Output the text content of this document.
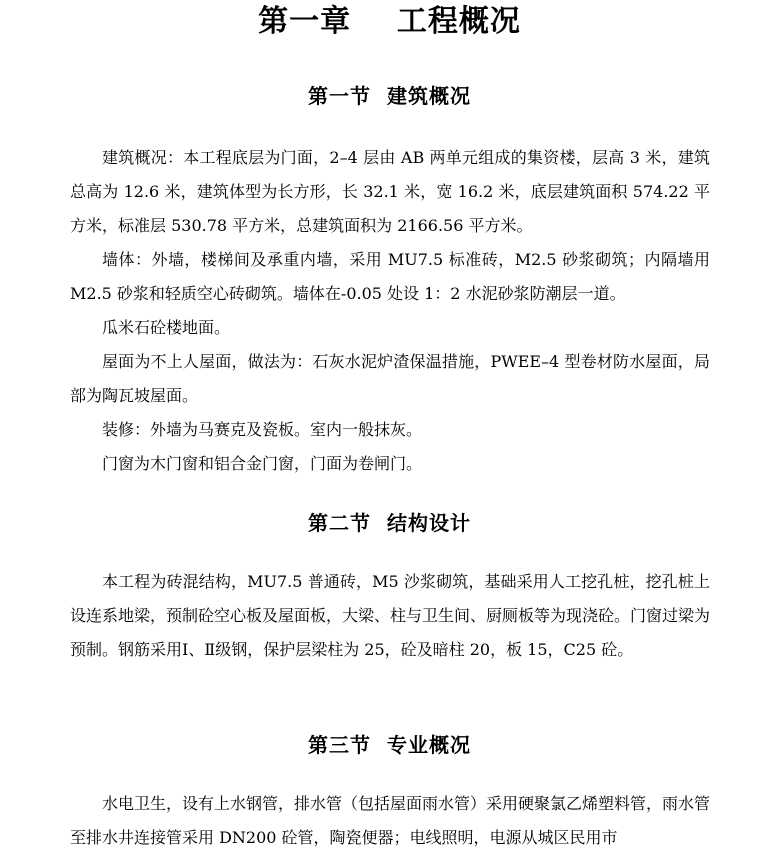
第一章    工程概况
第一节  建筑概况

建筑概况：本工程底层为门面，2–4 层由 AB 两单元组成的集资楼，层高 3 米，建筑总高为 12.6 米，建筑体型为长方形，长 32.1 米，宽 16.2 米，底层建筑面积 574.22 平方米，标准层 530.78 平方米，总建筑面积为 2166.56 平方米。

墙体：外墙，楼梯间及承重内墙，采用 MU7.5 标准砖，M2.5 砂浆砌筑；内隔墙用 M2.5 砂浆和轻质空心砖砌筑。墙体在-0.05 处设 1：2 水泥砂浆防潮层一道。

瓜米石砼楼地面。

屋面为不上人屋面，做法为：石灰水泥炉渣保温措施，PWEE–4 型卷材防水屋面，局部为陶瓦坡屋面。

装修：外墙为马赛克及瓷板。室内一般抹灰。

门窗为木门窗和铝合金门窗，门面为卷闸门。

第二节  结构设计

本工程为砖混结构，MU7.5 普通砖，M5 沙浆砌筑，基础采用人工挖孔桩，挖孔桩上设连系地梁，预制砼空心板及屋面板，大梁、柱与卫生间、厨厕板等为现浇砼。门窗过梁为预制。钢筋采用Ⅰ、Ⅱ级钢，保护层梁柱为 25，砼及暗柱 20，板 15，C25 砼。

第三节  专业概况

水电卫生，设有上水钢管，排水管（包括屋面雨水管）采用硬聚氯乙烯塑料管，雨水管至排水井连接管采用 DN200 砼管，陶瓷便器；电线照明，电源从城区民用市
